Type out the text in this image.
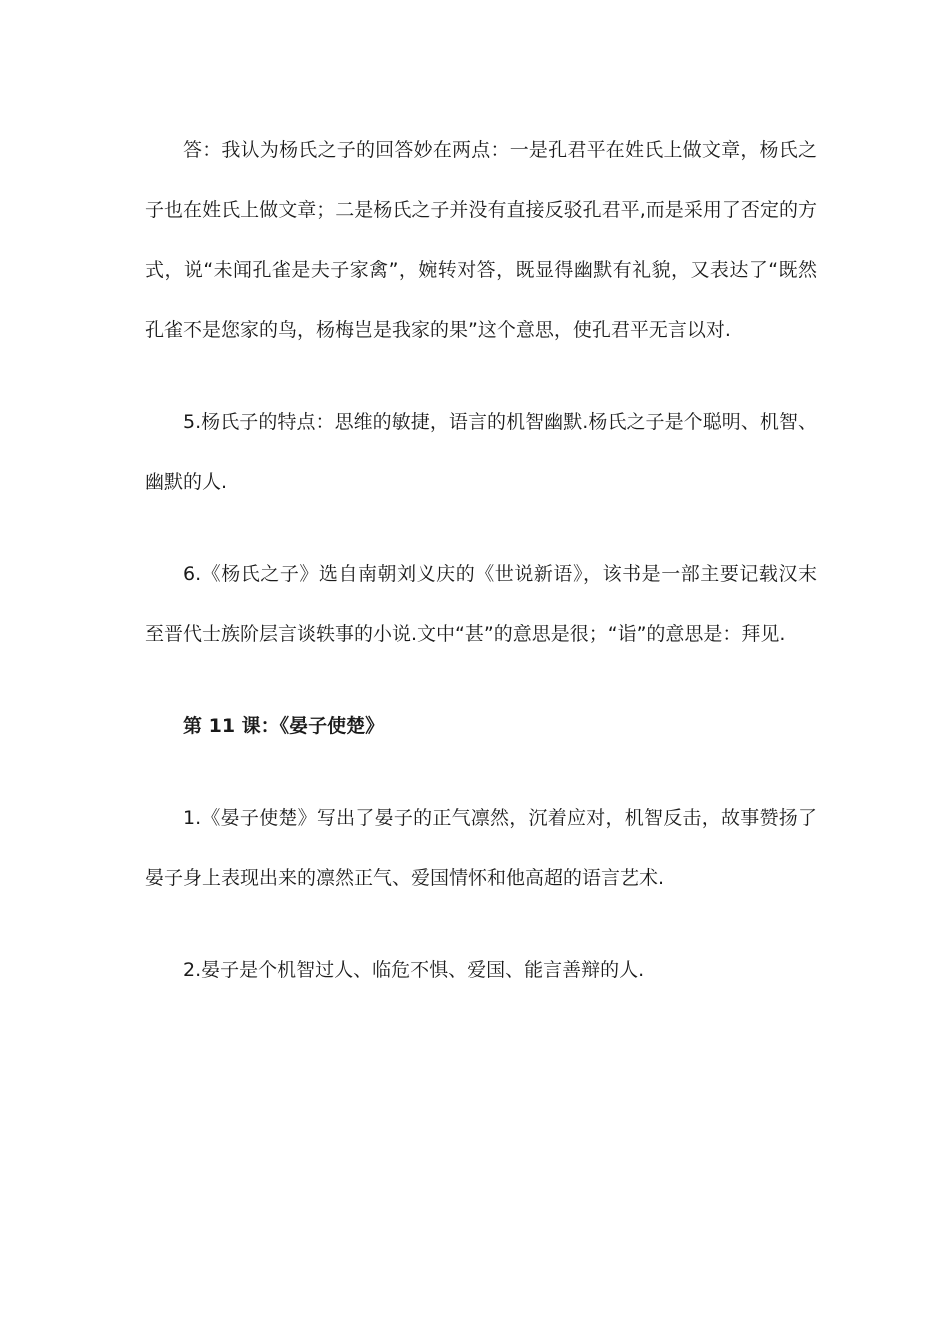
答：我认为杨氏之子的回答妙在两点：一是孔君平在姓氏上做文章，杨氏之子也在姓氏上做文章；二是杨氏之子并没有直接反驳孔君平,而是采用了否定的方式，说“未闻孔雀是夫子家禽”，婉转对答，既显得幽默有礼貌，又表达了“既然孔雀不是您家的鸟，杨梅岂是我家的果”这个意思，使孔君平无言以对.

5.杨氏子的特点：思维的敏捷，语言的机智幽默.杨氏之子是个聪明、机智、幽默的人.

6.《杨氏之子》选自南朝刘义庆的《世说新语》，该书是一部主要记载汉末至晋代士族阶层言谈轶事的小说.文中“甚”的意思是很；“诣”的意思是：拜见.

第 11 课：《晏子使楚》

1.《晏子使楚》写出了晏子的正气凛然，沉着应对，机智反击，故事赞扬了晏子身上表现出来的凛然正气、爱国情怀和他高超的语言艺术.

2.晏子是个机智过人、临危不惧、爱国、能言善辩的人.
